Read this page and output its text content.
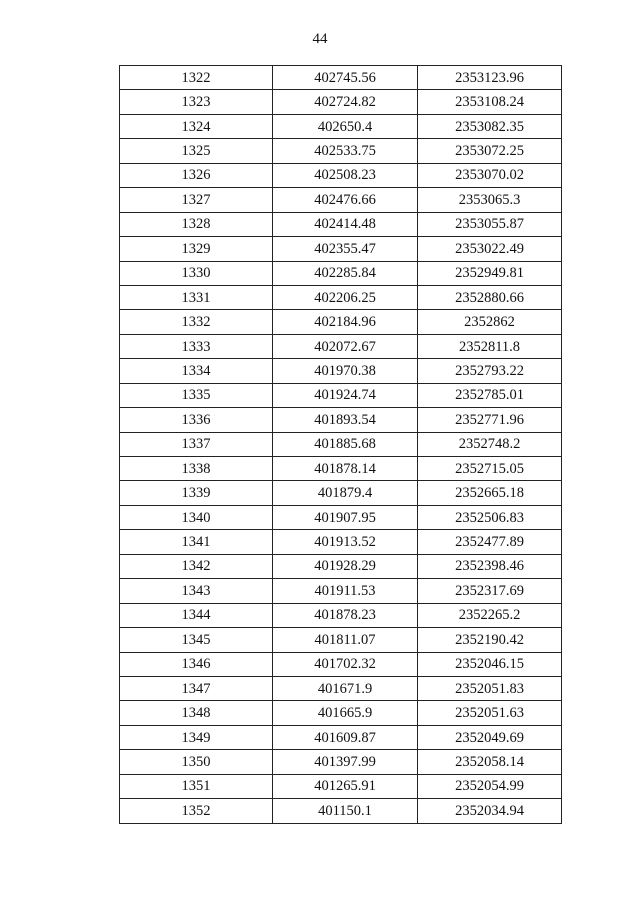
44
1322	402745.56	2353123.96
1323	402724.82	2353108.24
1324	402650.4	2353082.35
1325	402533.75	2353072.25
1326	402508.23	2353070.02
1327	402476.66	2353065.3
1328	402414.48	2353055.87
1329	402355.47	2353022.49
1330	402285.84	2352949.81
1331	402206.25	2352880.66
1332	402184.96	2352862
1333	402072.67	2352811.8
1334	401970.38	2352793.22
1335	401924.74	2352785.01
1336	401893.54	2352771.96
1337	401885.68	2352748.2
1338	401878.14	2352715.05
1339	401879.4	2352665.18
1340	401907.95	2352506.83
1341	401913.52	2352477.89
1342	401928.29	2352398.46
1343	401911.53	2352317.69
1344	401878.23	2352265.2
1345	401811.07	2352190.42
1346	401702.32	2352046.15
1347	401671.9	2352051.83
1348	401665.9	2352051.63
1349	401609.87	2352049.69
1350	401397.99	2352058.14
1351	401265.91	2352054.99
1352	401150.1	2352034.94
